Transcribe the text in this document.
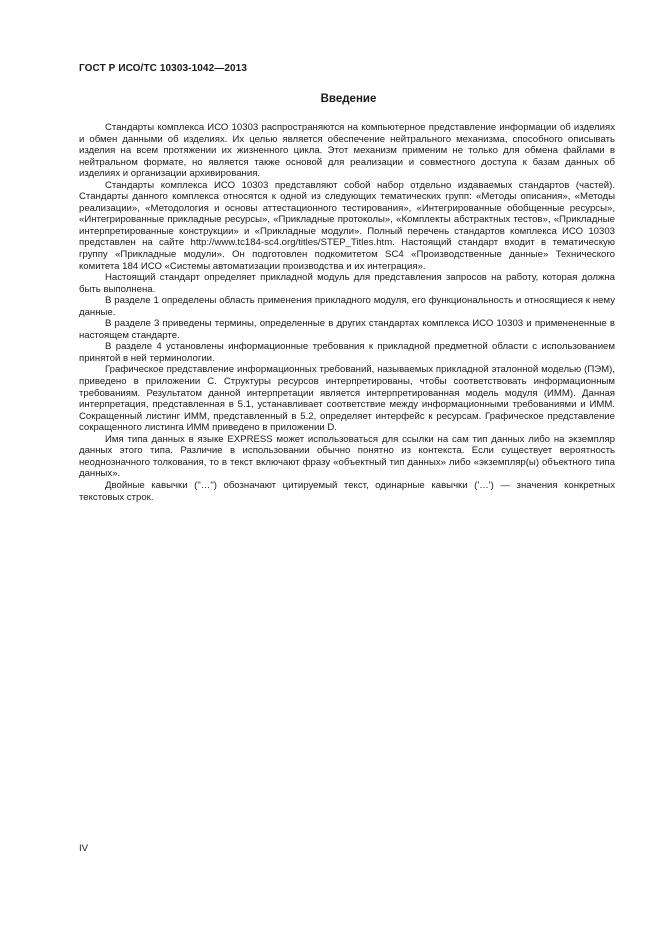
ГОСТ Р ИСО/ТС 10303-1042—2013
Введение

Стандарты комплекса ИСО 10303 распространяются на компьютерное представление информации об изделиях и обмен данными об изделиях. Их целью является обеспечение нейтрального механизма, способного описывать изделия на всем протяжении их жизненного цикла. Этот механизм применим не только для обмена файлами в нейтральном формате, но является также основой для реализации и совместного доступа к базам данных об изделиях и организации архивирования.

Стандарты комплекса ИСО 10303 представляют собой набор отдельно издаваемых стандартов (частей). Стандарты данного комплекса относятся к одной из следующих тематических групп: «Методы описания», «Методы реализации», «Методология и основы аттестационного тестирования», «Интегрированные обобщенные ресурсы», «Интегрированные прикладные ресурсы», «Прикладные протоколы», «Комплекты абстрактных тестов», «Прикладные интерпретированные конструкции» и «Прикладные модули». Полный перечень стандартов комплекса ИСО 10303 представлен на сайте http://www.tc184-sc4.org/titles/STEP_Titles.htm. Настоящий стандарт входит в тематическую группу «Прикладные модули». Он подготовлен подкомитетом SC4 «Производственные данные» Технического комитета 184 ИСО «Системы автоматизации производства и их интеграция».

Настоящий стандарт определяет прикладной модуль для представления запросов на работу, которая должна быть выполнена.

В разделе 1 определены область применения прикладного модуля, его функциональность и относящиеся к нему данные.

В разделе 3 приведены термины, определенные в других стандартах комплекса ИСО 10303 и применененные в настоящем стандарте.

В разделе 4 установлены информационные требования к прикладной предметной области с использованием принятой в ней терминологии.

Графическое представление информационных требований, называемых прикладной эталонной моделью (ПЭМ), приведено в приложении С. Структуры ресурсов интерпретированы, чтобы соответствовать информационным требованиям. Результатом данной интерпретации является интерпретированная модель модуля (ИММ). Данная интерпретация, представленная в 5.1, устанавливает соответствие между информационными требованиями и ИММ. Сокращенный листинг ИММ, представленный в 5.2, определяет интерфейс к ресурсам. Графическое представление сокращенного листинга ИММ приведено в приложении D.

Имя типа данных в языке EXPRESS может использоваться для ссылки на сам тип данных либо на экземпляр данных этого типа. Различие в использовании обычно понятно из контекста. Если существует вероятность неоднозначного толкования, то в текст включают фразу «объектный тип данных» либо «экземпляр(ы) объектного типа данных».

Двойные кавычки ("…") обозначают цитируемый текст, одинарные кавычки ('…') — значения конкретных текстовых строк.

IV
